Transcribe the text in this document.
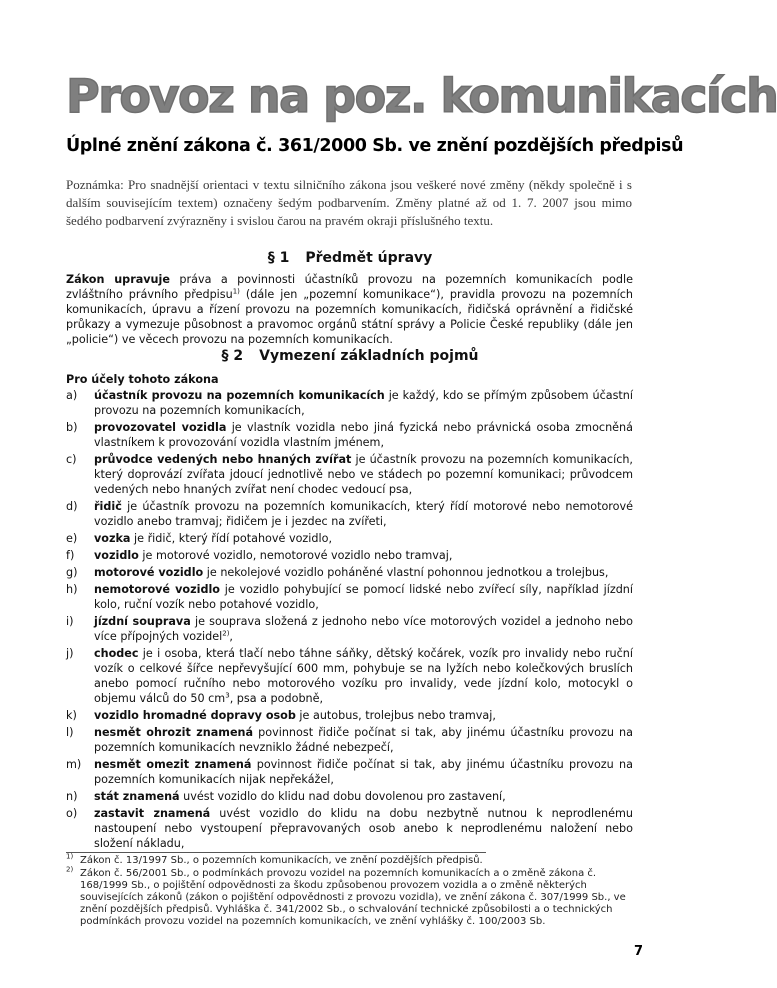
Provoz na poz. komunikacích
Úplné znění zákona č. 361/2000 Sb. ve znění pozdějších předpisů
Poznámka: Pro snadnější orientaci v textu silničního zákona jsou veškeré nové změny (někdy společně i s dalším souvisejícím textem) označeny šedým podbarvením. Změny platné až od 1. 7. 2007 jsou mimo šedého podbarvení zvýrazněny i svislou čarou na pravém okraji příslušného textu.
§ 1 Předmět úpravy
Zákon upravuje práva a povinnosti účastníků provozu na pozemních komunikacích podle zvláštního právního předpisu$^{1)}$ (dále jen „pozemní komunikace“), pravidla provozu na pozemních komunikacích, úpravu a řízení provozu na pozemních komunikacích, řidičská oprávnění a řidičské průkazy a vymezuje působnost a pravomoc orgánů státní správy a Policie České republiky (dále jen „policie“) ve věcech provozu na pozemních komunikacích.
§ 2 Vymezení základních pojmů
Pro účely tohoto zákona
a)	účastník provozu na pozemních komunikacích je každý, kdo se přímým způsobem účastní provozu na pozemních komunikacích,
b)	provozovatel vozidla je vlastník vozidla nebo jiná fyzická nebo právnická osoba zmocněná vlastníkem k provozování vozidla vlastním jménem,
c)	průvodce vedených nebo hnaných zvířat je účastník provozu na pozemních komunikacích, který doprovází zvířata jdoucí jednotlivě nebo ve stádech po pozemní komunikaci; průvodcem vedených nebo hnaných zvířat není chodec vedoucí psa,
d)	řidič je účastník provozu na pozemních komunikacích, který řídí motorové nebo nemotorové vozidlo anebo tramvaj; řidičem je i jezdec na zvířeti,
e)	vozka je řidič, který řídí potahové vozidlo,
f)	vozidlo je motorové vozidlo, nemotorové vozidlo nebo tramvaj,
g)	motorové vozidlo je nekolejové vozidlo poháněné vlastní pohonnou jednotkou a trolejbus,
h)	nemotorové vozidlo je vozidlo pohybující se pomocí lidské nebo zvířecí síly, například jízdní kolo, ruční vozík nebo potahové vozidlo,
i)	jízdní souprava je souprava složená z jednoho nebo více motorových vozidel a jednoho nebo více přípojných vozidel$^{2)}$,
j)	chodec je i osoba, která tlačí nebo táhne sáňky, dětský kočárek, vozík pro invalidy nebo ruční vozík o celkové šířce nepřevyšující 600 mm, pohybuje se na lyžích nebo kolečkových bruslích anebo pomocí ručního nebo motorového vozíku pro invalidy, vede jízdní kolo, motocykl o objemu válců do 50 $cm^3$, psa a podobně,
k)	vozidlo hromadné dopravy osob je autobus, trolejbus nebo tramvaj,
l)	nesmět ohrozit znamená povinnost řidiče počínat si tak, aby jinému účastníku provozu na pozemních komunikacích nevzniklo žádné nebezpečí,
m)	nesmět omezit znamená povinnost řidiče počínat si tak, aby jinému účastníku provozu na pozemních komunikacích nijak nepřekážel,
n)	stát znamená uvést vozidlo do klidu nad dobu dovolenou pro zastavení,
o)	zastavit znamená uvést vozidlo do klidu na dobu nezbytně nutnou k neprodlenému nastoupení nebo vystoupení přepravovaných osob anebo k neprodlenému naložení nebo složení nákladu,
$^{1)}$ Zákon č. 13/1997 Sb., o pozemních komunikacích, ve znění pozdějších předpisů.
$^{2)}$ Zákon č. 56/2001 Sb., o podmínkách provozu vozidel na pozemních komunikacích a o změně zákona č. 168/1999 Sb., o pojištění odpovědnosti za škodu způsobenou provozem vozidla a o změně některých souvisejících zákonů (zákon o pojištění odpovědnosti z provozu vozidla), ve znění zákona č. 307/1999 Sb., ve znění pozdějších předpisů. Vyhláška č. 341/2002 Sb., o schvalování technické způsobilosti a o technických podmínkách provozu vozidel na pozemních komunikacích, ve znění vyhlášky č. 100/2003 Sb.
7
